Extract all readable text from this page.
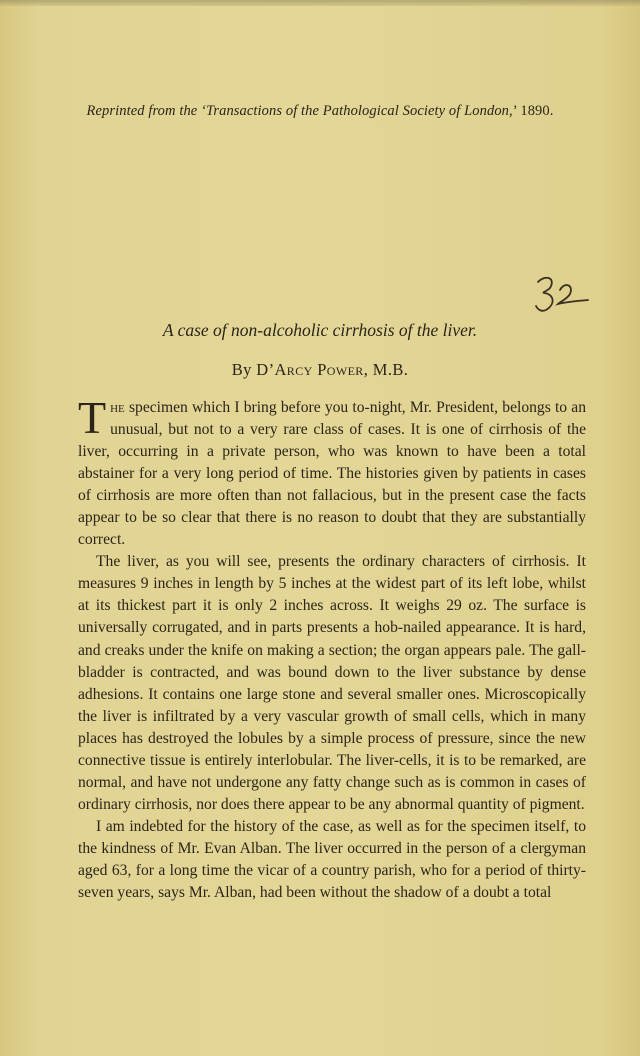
Reprinted from the ‘Transactions of the Pathological Society of London,’ 1890.
A case of non-alcoholic cirrhosis of the liver.
By D’Arcy Power, M.B.

The specimen which I bring before you to-night, Mr. President, belongs to an unusual, but not to a very rare class of cases. It is one of cirrhosis of the liver, occurring in a private person, who was known to have been a total abstainer for a very long period of time. The histories given by patients in cases of cirrhosis are more often than not fallacious, but in the present case the facts appear to be so clear that there is no reason to doubt that they are substantially correct.

The liver, as you will see, presents the ordinary characters of cirrhosis. It measures 9 inches in length by 5 inches at the widest part of its left lobe, whilst at its thickest part it is only 2 inches across. It weighs 29 oz. The surface is universally corrugated, and in parts presents a hob-nailed appearance. It is hard, and creaks under the knife on making a section; the organ appears pale. The gall-bladder is contracted, and was bound down to the liver substance by dense adhesions. It contains one large stone and several smaller ones. Microscopically the liver is infiltrated by a very vascular growth of small cells, which in many places has destroyed the lobules by a simple process of pressure, since the new connective tissue is entirely interlobular. The liver-cells, it is to be remarked, are normal, and have not undergone any fatty change such as is common in cases of ordinary cirrhosis, nor does there appear to be any abnormal quantity of pigment.

I am indebted for the history of the case, as well as for the specimen itself, to the kindness of Mr. Evan Alban. The liver occurred in the person of a clergyman aged 63, for a long time the vicar of a country parish, who for a period of thirty-seven years, says Mr. Alban, had been without the shadow of a doubt a total
